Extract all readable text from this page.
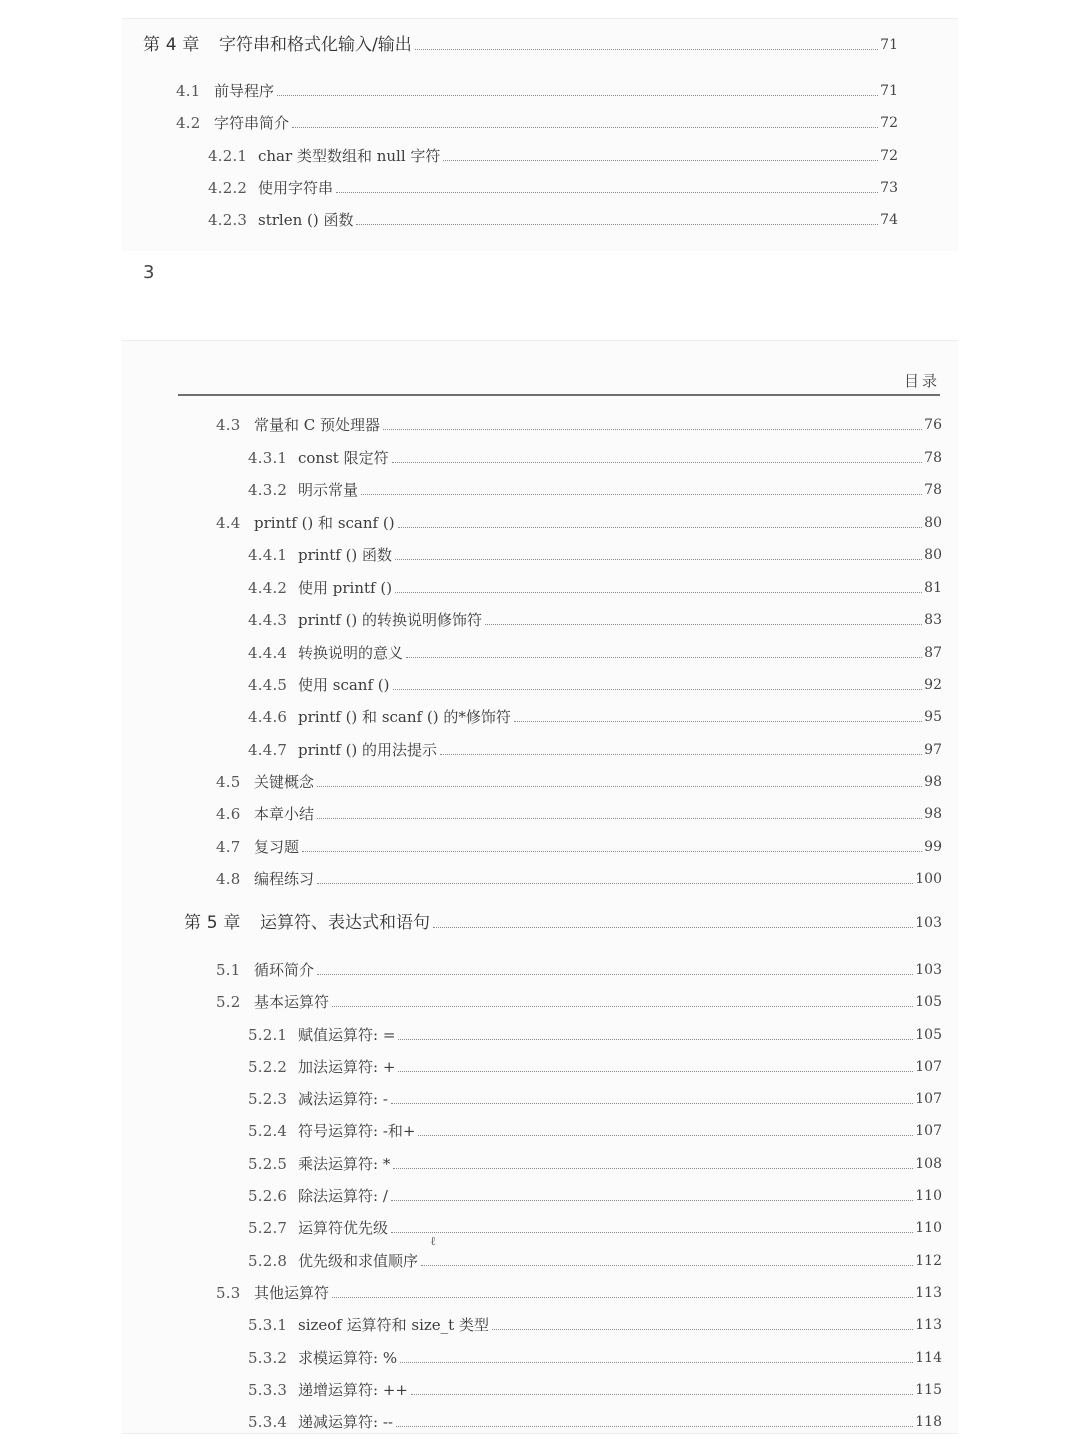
第 4 章	字符串和格式化输入/输出	71
4.1 前导程序	71
4.2 字符串简介	72
4.2.1 char 类型数组和 null 字符	72
4.2.2 使用字符串	73
4.2.3 strlen () 函数	74
3
目录
4.3 常量和 C 预处理器	76
4.3.1 const 限定符	78
4.3.2 明示常量	78
4.4 printf () 和 scanf ()	80
4.4.1 printf () 函数	80
4.4.2 使用 printf ()	81
4.4.3 printf () 的转换说明修饰符	83
4.4.4 转换说明的意义	87
4.4.5 使用 scanf ()	92
4.4.6 printf () 和 scanf () 的*修饰符	95
4.4.7 printf () 的用法提示	97
4.5 关键概念	98
4.6 本章小结	98
4.7 复习题	99
4.8 编程练习	100
第 5 章	运算符、表达式和语句	103
5.1 循环简介	103
5.2 基本运算符	105
5.2.1 赋值运算符: =	105
5.2.2 加法运算符: +	107
5.2.3 减法运算符: -	107
5.2.4 符号运算符: -和+	107
5.2.5 乘法运算符: *	108
5.2.6 除法运算符: /	110
5.2.7 运算符优先级	110
5.2.8 优先级和求值顺序	112
5.3 其他运算符	113
5.3.1 sizeof 运算符和 size_t 类型	113
5.3.2 求模运算符: %	114
5.3.3 递增运算符: ++	115
5.3.4 递减运算符: --	118
ℓ
